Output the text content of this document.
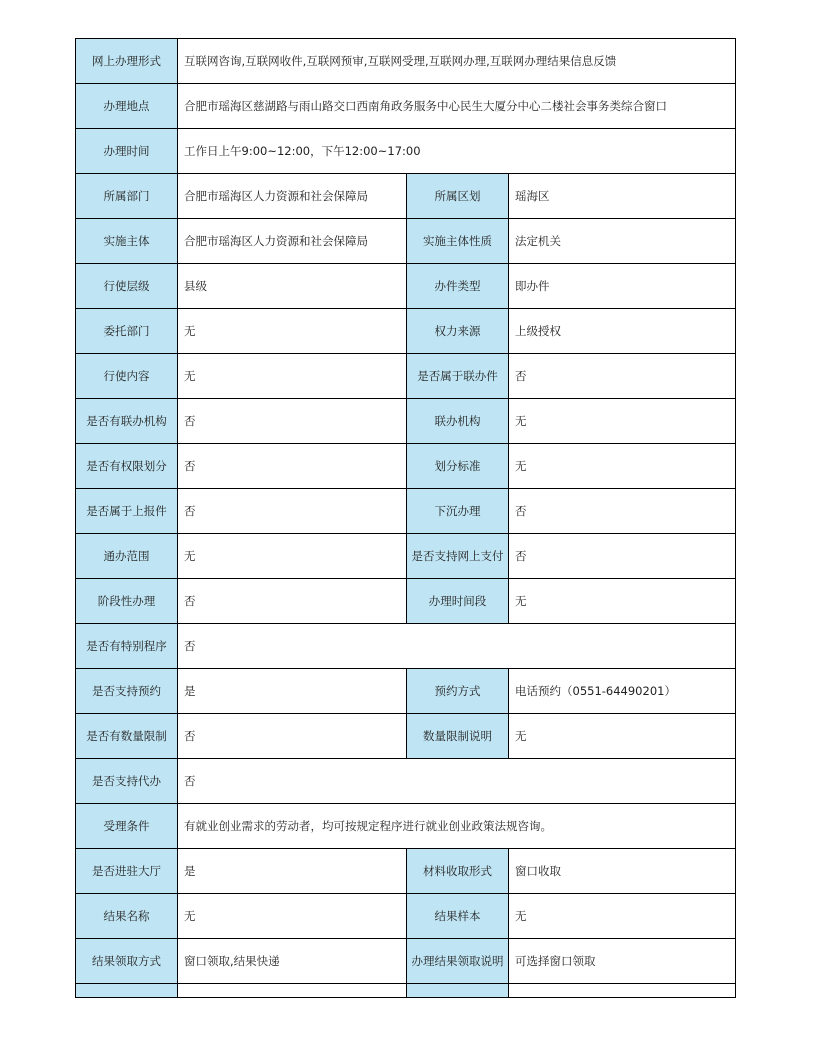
网上办理形式	互联网咨询,互联网收件,互联网预审,互联网受理,互联网办理,互联网办理结果信息反馈		
办理地点	合肥市瑶海区慈湖路与雨山路交口西南角政务服务中心民生大厦分中心二楼社会事务类综合窗口		
办理时间	工作日上午9:00~12:00，下午12:00~17:00		
所属部门	合肥市瑶海区人力资源和社会保障局	所属区划	瑶海区
实施主体	合肥市瑶海区人力资源和社会保障局	实施主体性质	法定机关
行使层级	县级	办件类型	即办件
委托部门	无	权力来源	上级授权
行使内容	无	是否属于联办件	否
是否有联办机构	否	联办机构	无
是否有权限划分	否	划分标准	无
是否属于上报件	否	下沉办理	否
通办范围	无	是否支持网上支付	否
阶段性办理	否	办理时间段	无
是否有特别程序	否		
是否支持预约	是	预约方式	电话预约（0551-64490201）
是否有数量限制	否	数量限制说明	无
是否支持代办	否		
受理条件	有就业创业需求的劳动者，均可按规定程序进行就业创业政策法规咨询。		
是否进驻大厅	是	材料收取形式	窗口收取
结果名称	无	结果样本	无
结果领取方式	窗口领取,结果快递	办理结果领取说明	可选择窗口领取
